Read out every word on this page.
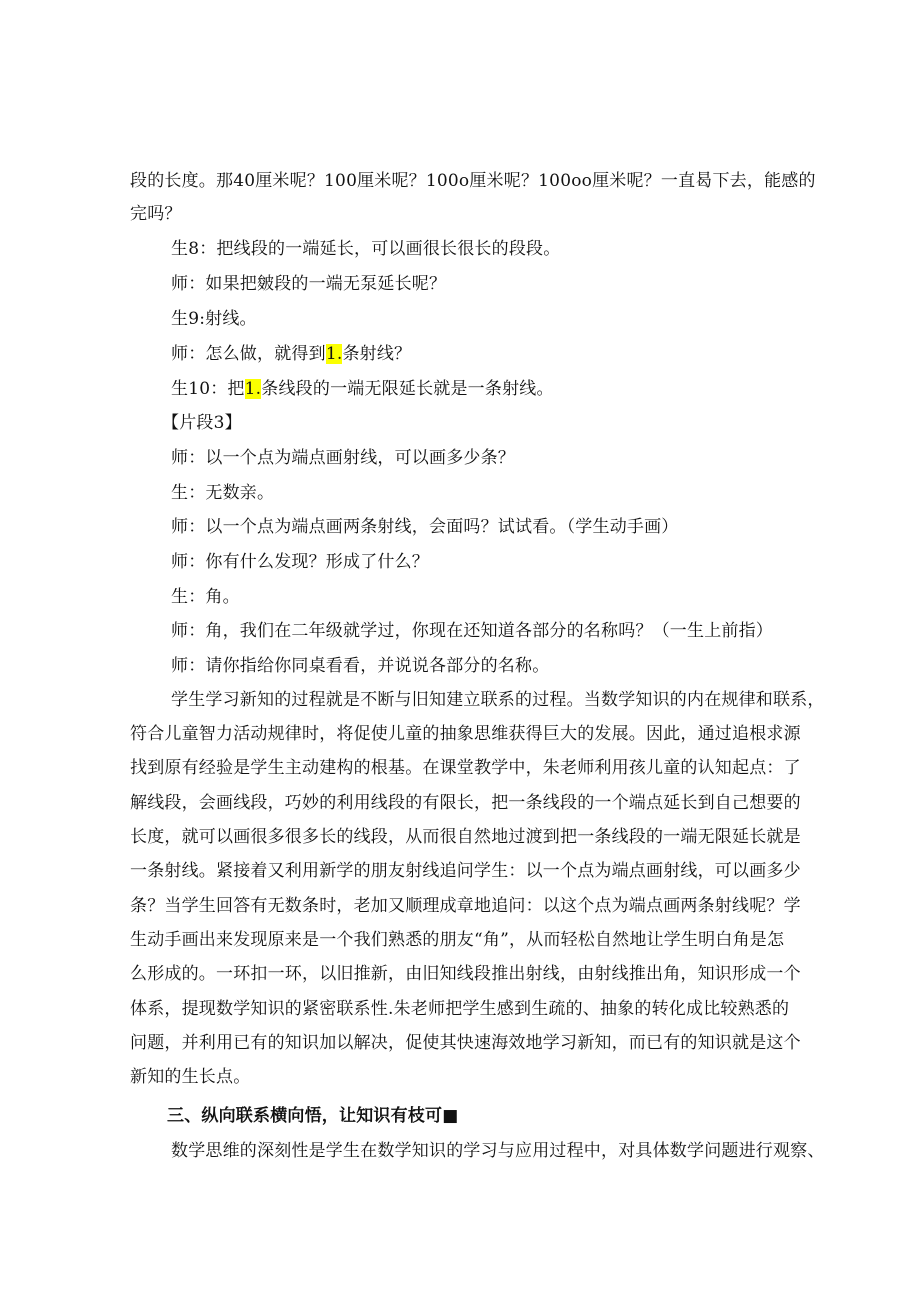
段的长度。那40厘米呢？100厘米呢？100o厘米呢？100oo厘米呢？一直曷下去，能感的
完吗？
生8：把线段的一端延长，可以画很长很长的段段。
师：如果把皴段的一端无泵延长呢？
生9:射线。
师：怎么做，就得到1.条射线？
生10：把1.条线段的一端无限延长就是一条射线。
【片段3】
师：以一个点为端点画射线，可以画多少条？
生：无数亲。
师：以一个点为端点画两条射线，会面吗？试试看。（学生动手画）
师：你有什么发现？形成了什么？
生：角。
师：角，我们在二年级就学过，你现在还知道各部分的名称吗？（一生上前指）
师：请你指给你同桌看看，并说说各部分的名称。
学生学习新知的过程就是不断与旧知建立联系的过程。当数学知识的内在规律和联系，
符合儿童智力活动规律时，将促使儿童的抽象思维获得巨大的发展。因此，通过追根求源
找到原有经验是学生主动建构的根基。在课堂教学中，朱老师利用孩儿童的认知起点：了
解线段，会画线段，巧妙的利用线段的有限长，把一条线段的一个端点延长到自己想要的
长度，就可以画很多很多长的线段，从而很自然地过渡到把一条线段的一端无限延长就是
一条射线。紧接着又利用新学的朋友射线追问学生：以一个点为端点画射线，可以画多少
条？当学生回答有无数条时，老加又顺理成章地追问：以这个点为端点画两条射线呢？学
生动手画出来发现原来是一个我们熟悉的朋友“角”，从而轻松自然地让学生明白角是怎
么形成的。一环扣一环，以旧推新，由旧知线段推出射线，由射线推出角，知识形成一个
体系，提现数学知识的紧密联系性.朱老师把学生感到生疏的、抽象的转化成比较熟悉的
问题，并利用已有的知识加以解决，促使其快速海效地学习新知，而已有的知识就是这个
新知的生长点。
三、纵向联系横向悟，让知识有枝可■
数学思维的深刻性是学生在数学知识的学习与应用过程中，对具体数学问题进行观察、
